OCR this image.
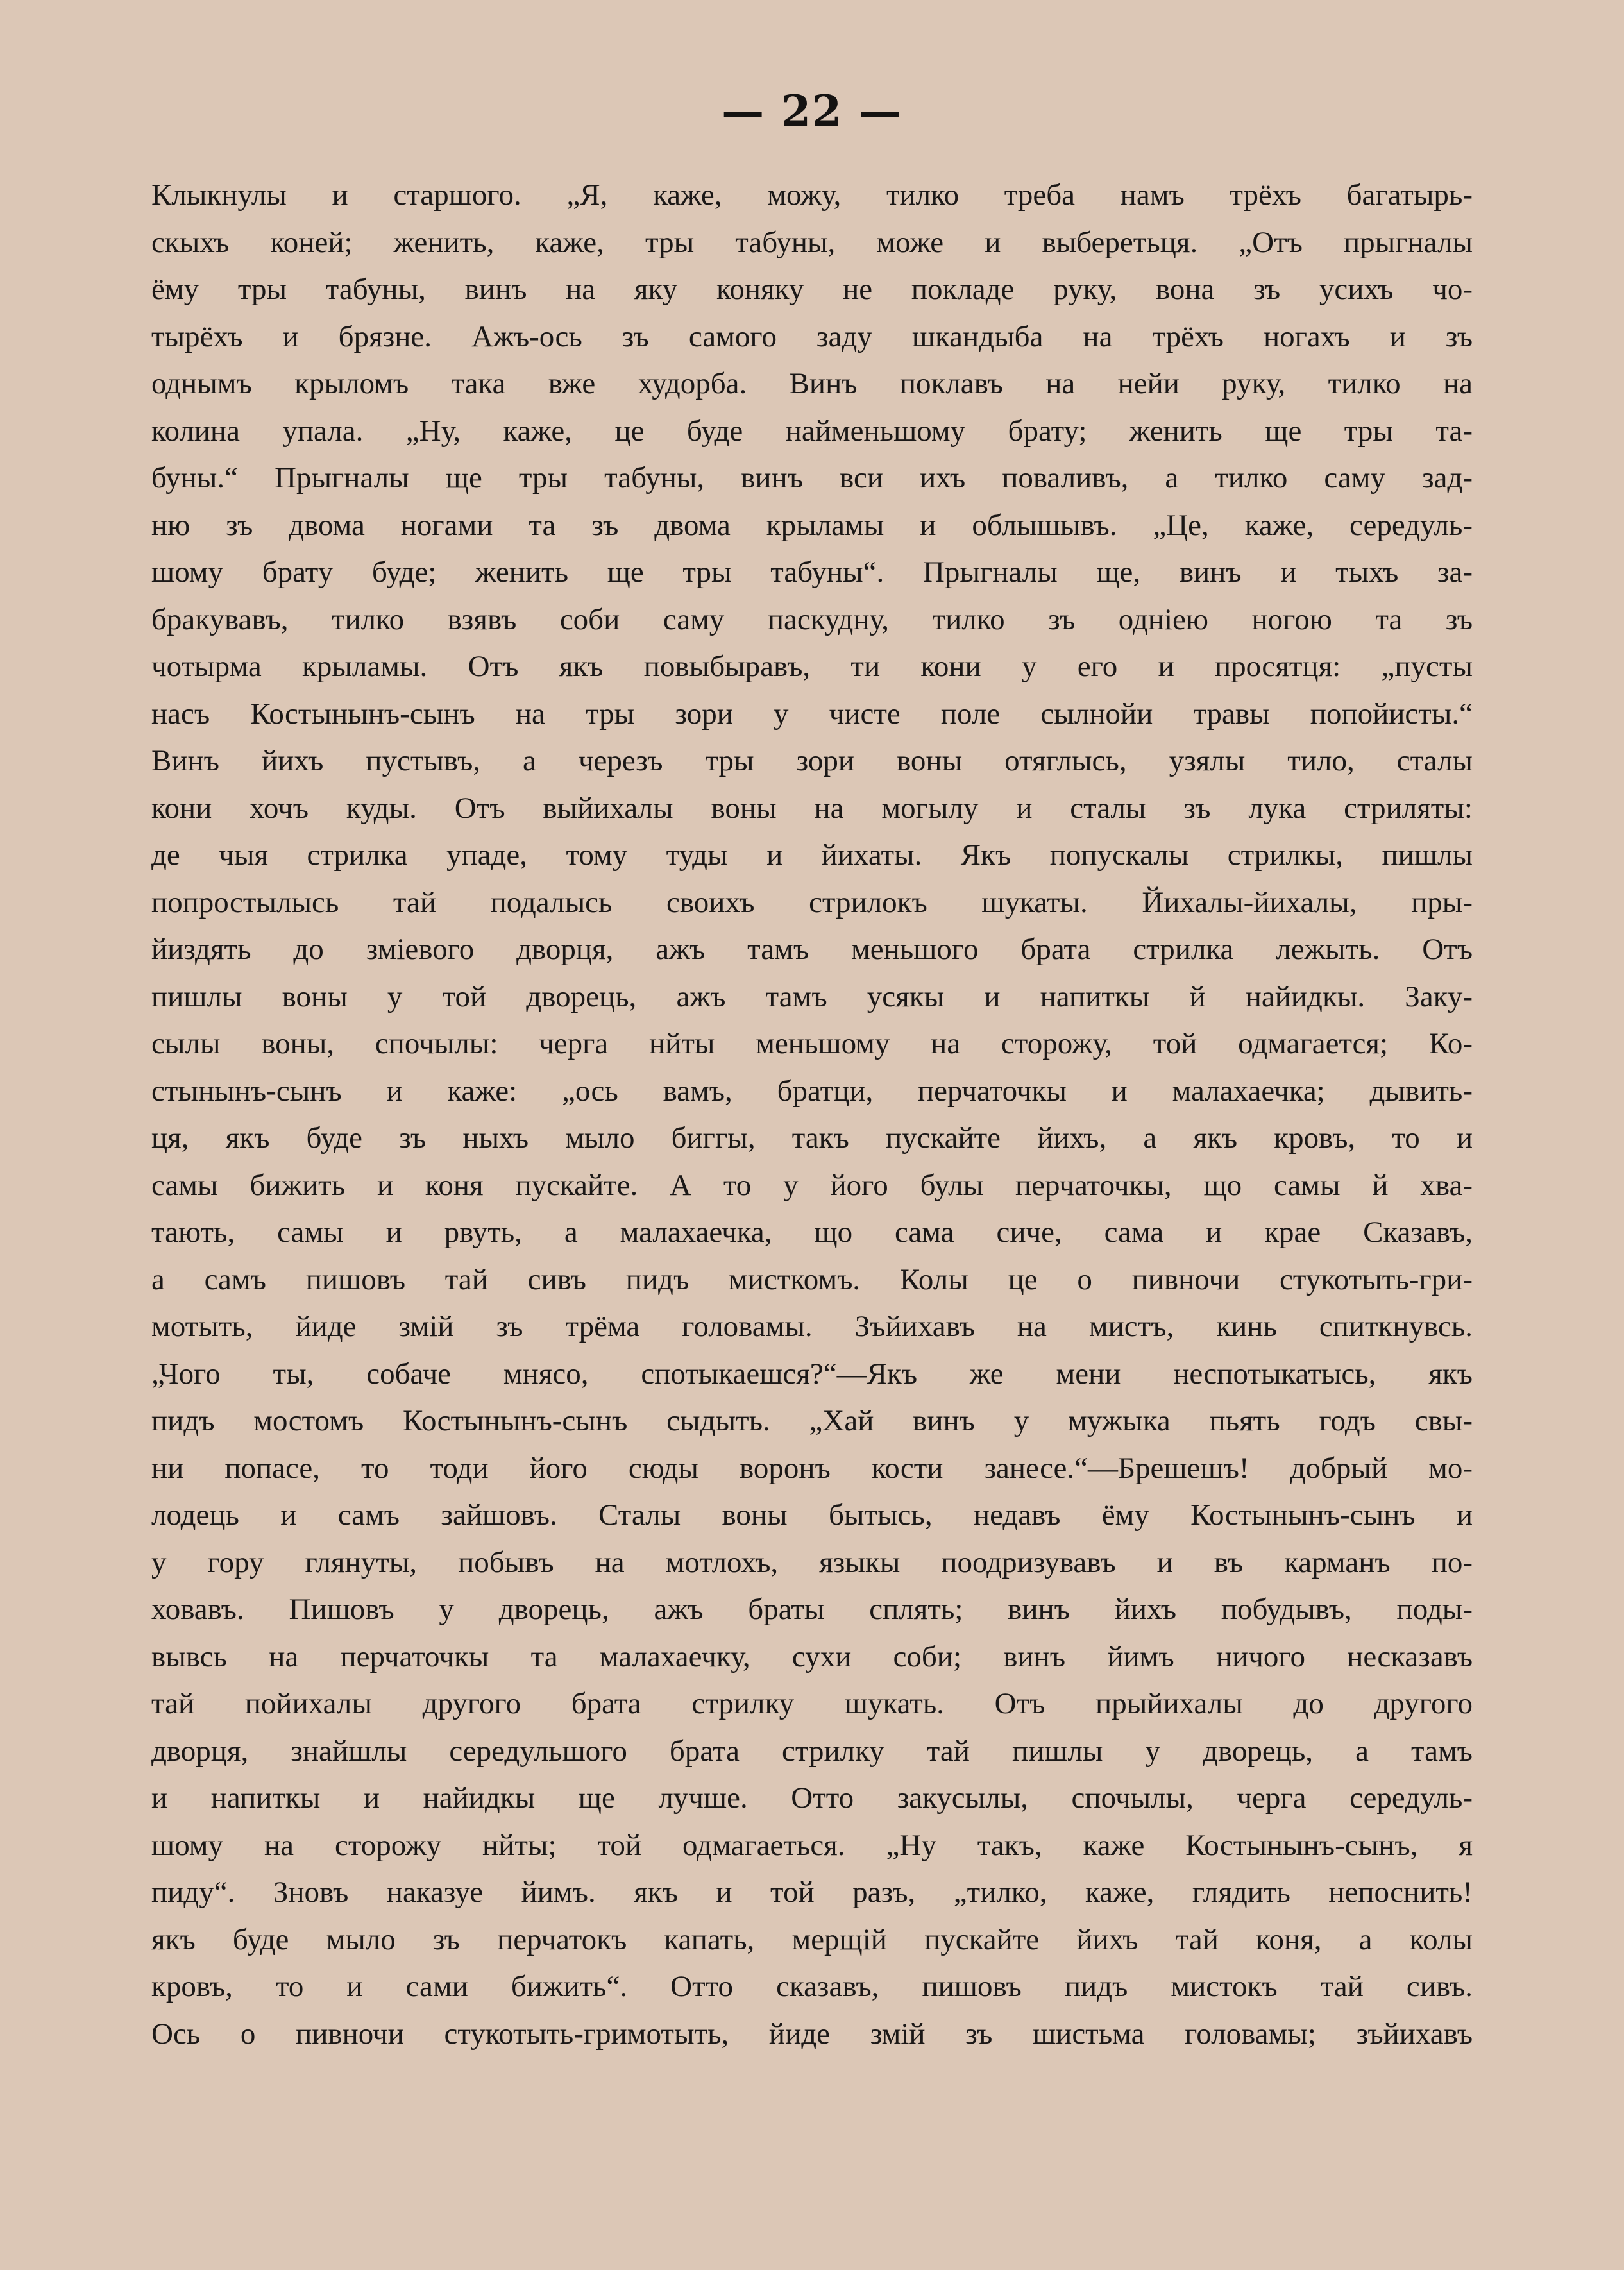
— 22 —
Клыкнулы и старшого. „Я, каже, можу, тилко треба намъ трёхъ багатырь-
скыхъ коней; женить, каже, тры табуны, може и выберетьця. „Отъ прыгналы
ёму тры табуны, винъ на яку коняку не покладе руку, вона зъ усихъ чо-
тырёхъ и брязне. Ажъ-ось зъ самого заду шкандыба на трёхъ ногахъ и зъ
однымъ крыломъ така вже худорба. Винъ поклавъ на нейи руку, тилко на
колина упала. „Ну, каже, це буде найменьшому брату; женить ще тры та-
буны.“ Прыгналы ще тры табуны, винъ вси ихъ поваливъ, а тилко саму зад-
ню зъ двома ногами та зъ двома крыламы и облышывъ. „Це, каже, середуль-
шому брату буде; женить ще тры табуны“. Прыгналы ще, винъ и тыхъ за-
бракувавъ, тилко взявъ соби саму паскудну, тилко зъ одніею ногою та зъ
чотырма крыламы. Отъ якъ повыбыравъ, ти кони у его и просятця: „пусты
насъ Костынынъ-сынъ на тры зори у чисте поле сылнойи травы попойисты.“
Винъ йихъ пустывъ, а черезъ тры зори воны отяглысь, узялы тило, сталы
кони хочъ куды. Отъ выйихалы воны на могылу и сталы зъ лука стриляты:
де чыя стрилка упаде, тому туды и йихаты. Якъ попускалы стрилкы, пишлы
попростылысь тай подалысь своихъ стрилокъ шукаты. Йихалы-йихалы, пры-
йиздять до зміевого дворця, ажъ тамъ меньшого брата стрилка лежыть. Отъ
пишлы воны у той дворець, ажъ тамъ усякы и напиткы й найидкы. Заку-
сылы воны, спочылы: черга нйты меньшому на сторожу, той одмагается; Ко-
стынынъ-сынъ и каже: „ось вамъ, братци, перчаточкы и малахаечка; дывить-
ця, якъ буде зъ ныхъ мыло биггы, такъ пускайте йихъ, а якъ кровъ, то и
самы бижить и коня пускайте. А то у його булы перчаточкы, що самы й хва-
тають, самы и рвуть, а малахаечка, що сама сиче, сама и крае Сказавъ,
а самъ пишовъ тай сивъ пидъ мисткомъ. Колы це о пивночи стукотыть-гри-
мотыть, йиде змій зъ трёма головамы. Зъйихавъ на мистъ, кинь спиткнувсь.
„Чого ты, собаче мнясо, спотыкаешся?“—Якъ же мени неспотыкатысь, якъ
пидъ мостомъ Костынынъ-сынъ сыдыть. „Хай винъ у мужыка пьять годъ свы-
ни попасе, то тоди його сюды воронъ кости занесе.“—Брешешъ! добрый мо-
лодець и самъ зайшовъ. Сталы воны бытысь, недавъ ёму Костынынъ-сынъ и
у гору глянуты, побывъ на мотлохъ, языкы поодризувавъ и въ карманъ по-
ховавъ. Пишовъ у дворець, ажъ браты сплять; винъ йихъ побудывъ, поды-
вывсь на перчаточкы та малахаечку, сухи соби; винъ йимъ ничого несказавъ
тай пойихалы другого брата стрилку шукать. Отъ прыйихалы до другого
дворця, знайшлы середульшого брата стрилку тай пишлы у дворець, а тамъ
и напиткы и найидкы ще лучше. Отто закусылы, спочылы, черга середуль-
шому на сторожу нйты; той одмагаеться. „Ну такъ, каже Костынынъ-сынъ, я
пиду“. Зновъ наказуе йимъ. якъ и той разъ, „тилко, каже, глядить непоснить!
якъ буде мыло зъ перчатокъ капать, мерщій пускайте йихъ тай коня, а колы
кровъ, то и сами бижить“. Отто сказавъ, пишовъ пидъ мистокъ тай сивъ.
Ось о пивночи стукотыть-гримотыть, йиде змій зъ шистьма головамы; зъйихавъ
